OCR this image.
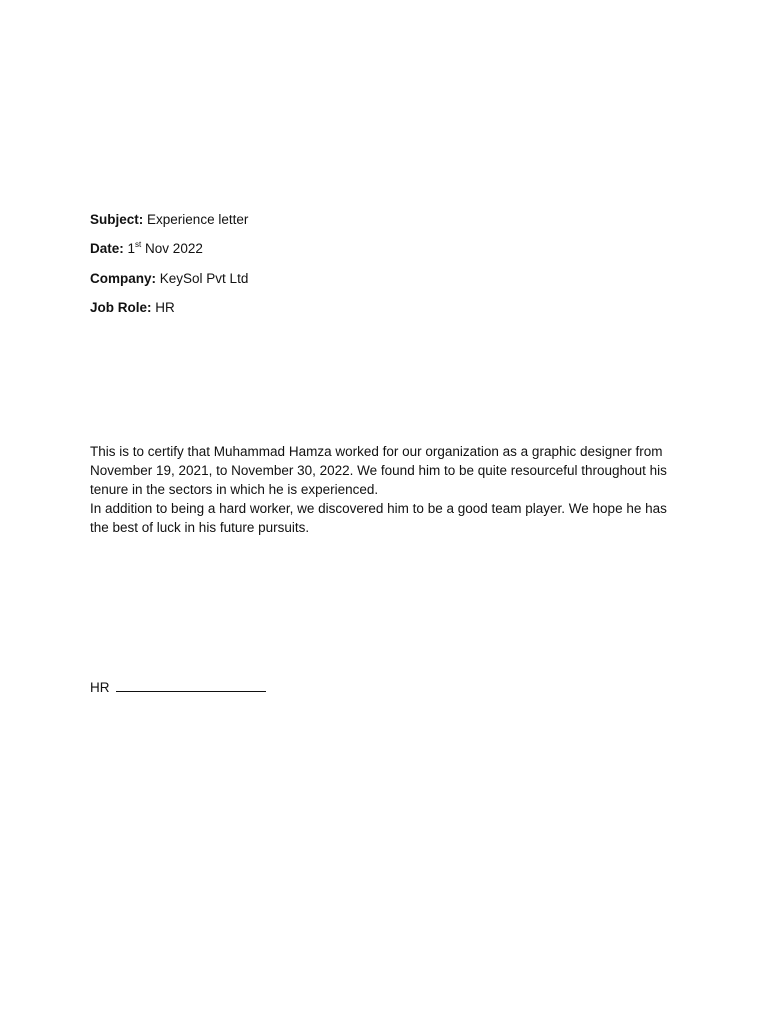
Subject: Experience letter
Date: 1st Nov 2022
Company: KeySol Pvt Ltd
Job Role: HR

This is to certify that Muhammad Hamza worked for our organization as a graphic designer from November 19, 2021, to November 30, 2022. We found him to be quite resourceful throughout his tenure in the sectors in which he is experienced.

In addition to being a hard worker, we discovered him to be a good team player. We hope he has the best of luck in his future pursuits.

HR
